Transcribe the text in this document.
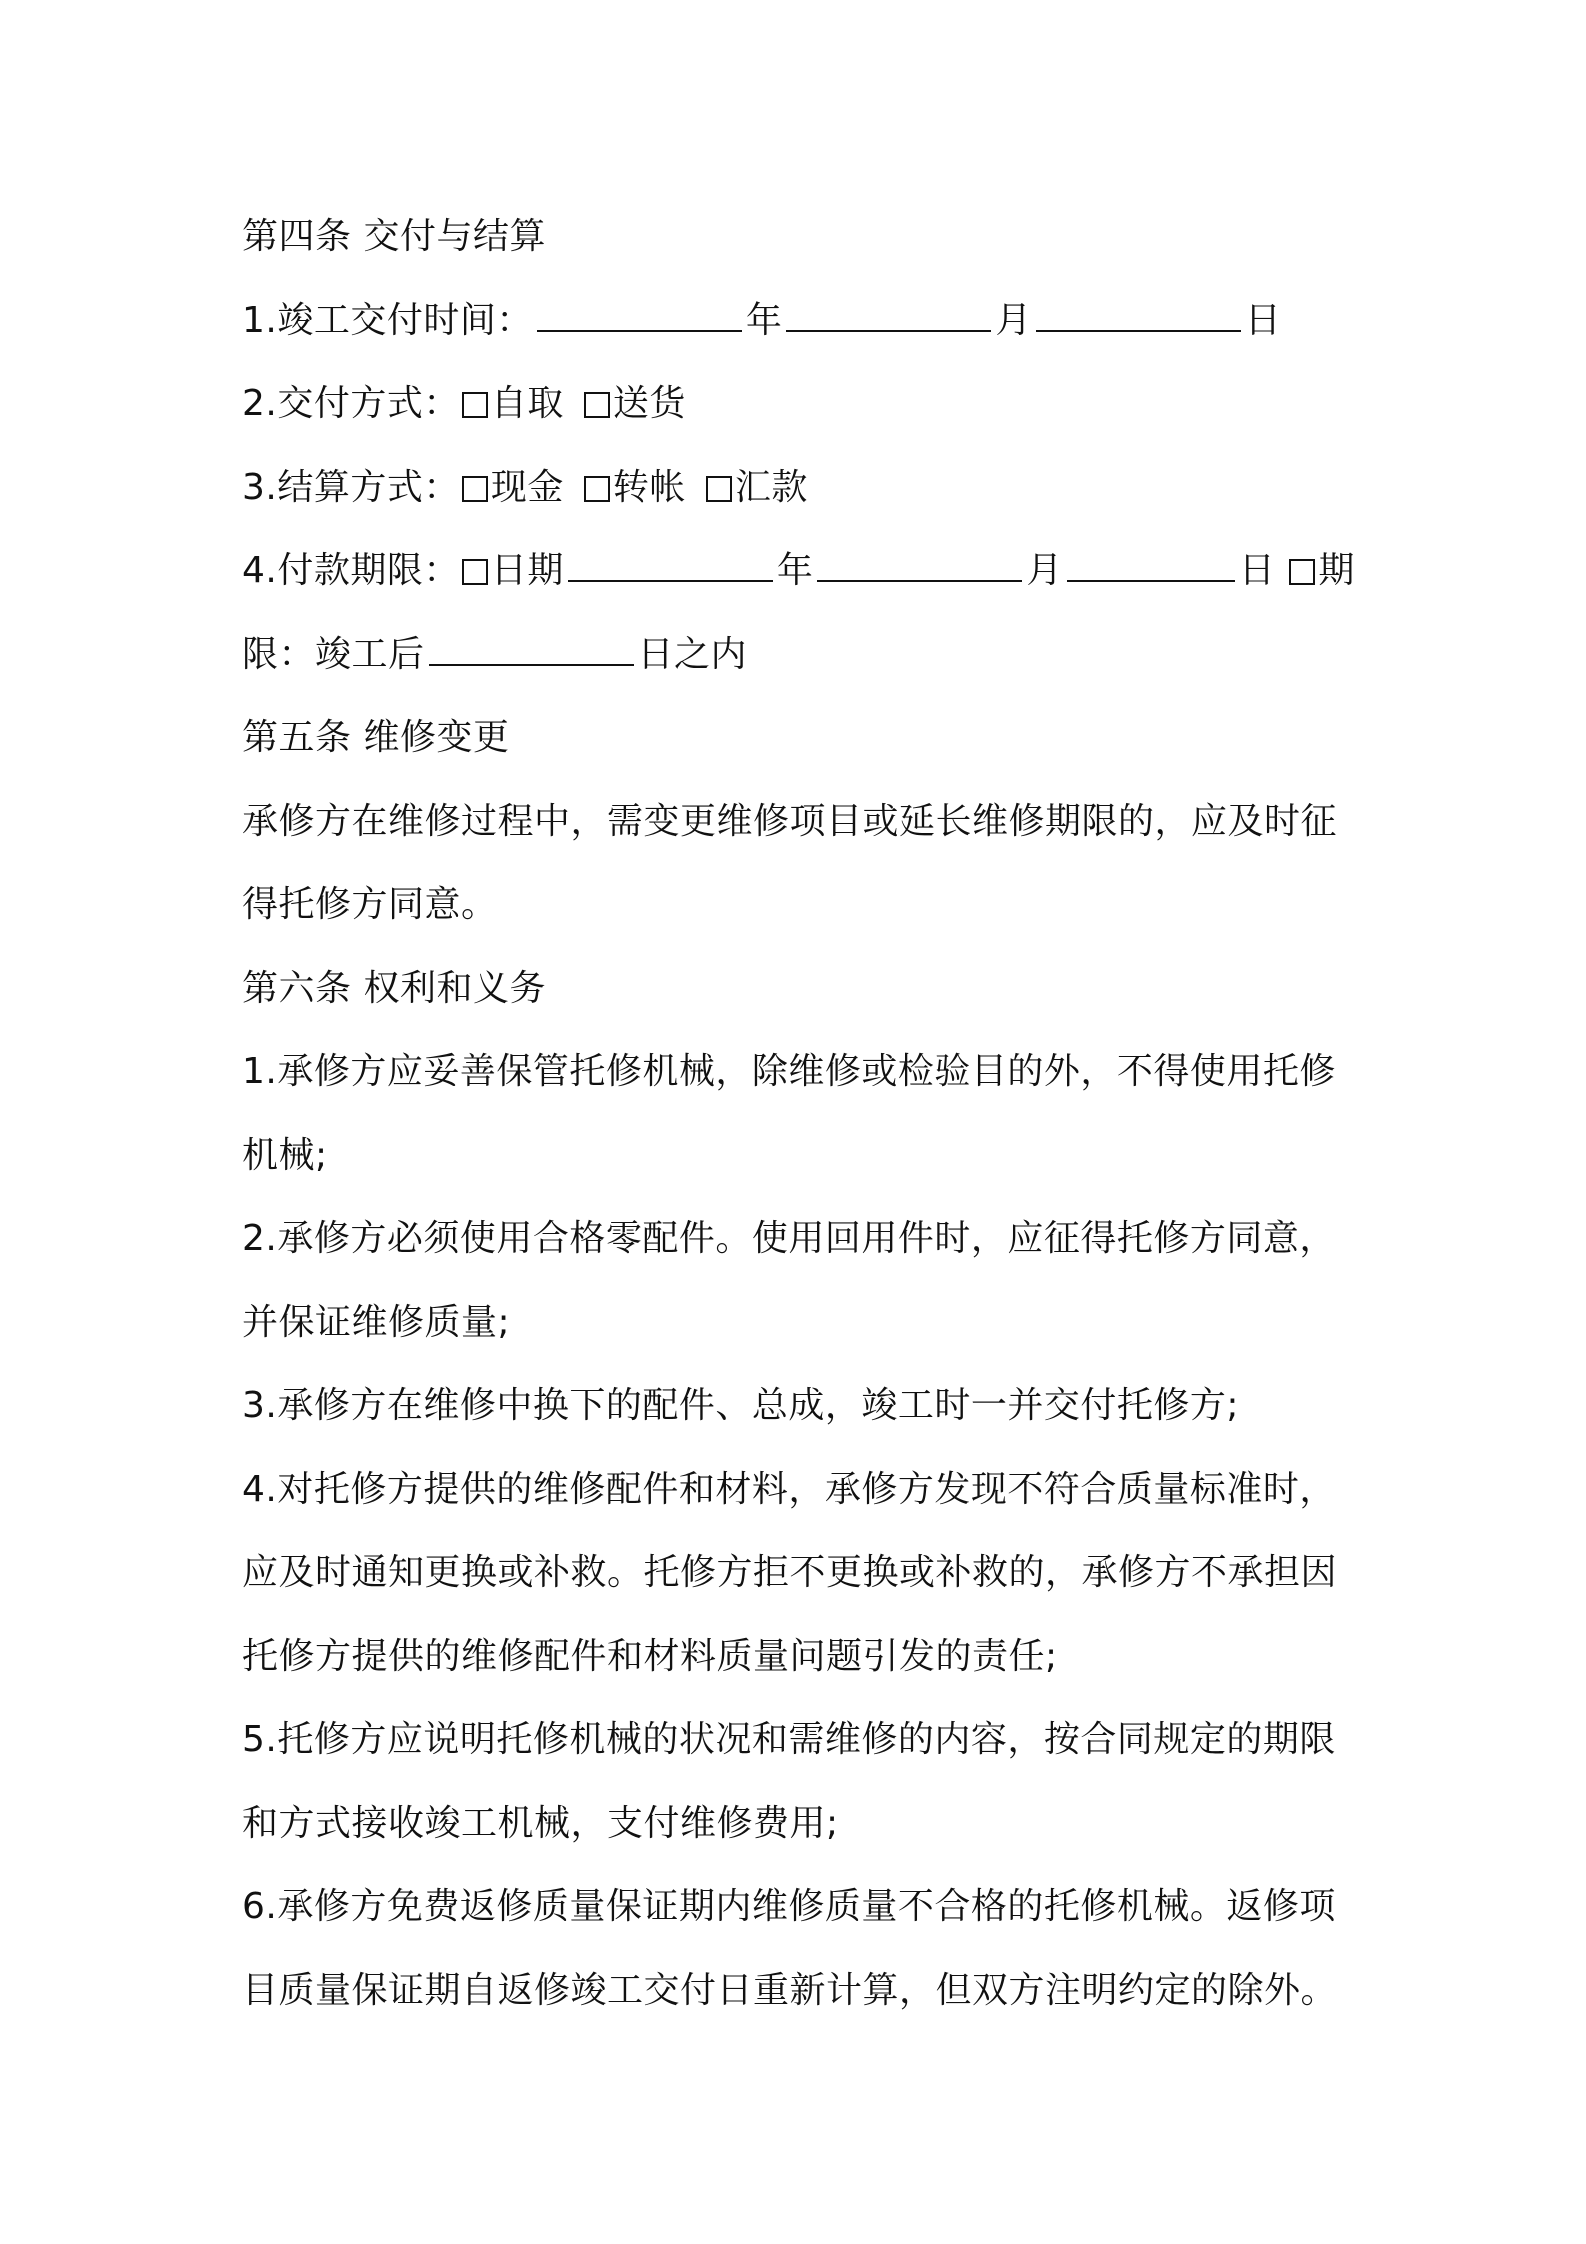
第四条 交付与结算
1.竣工交付时间：	年	月	日
2.交付方式： 自取 送货
3.结算方式： 现金 转帐 汇款
4.付款期限： 日期	年	月	日 期
限：竣工后	日之内
第五条 维修变更
承修方在维修过程中，需变更维修项目或延长维修期限的，应及时征
得托修方同意。
第六条 权利和义务
1.承修方应妥善保管托修机械，除维修或检验目的外，不得使用托修
机械;
2.承修方必须使用合格零配件。使用回用件时，应征得托修方同意，
并保证维修质量;
3.承修方在维修中换下的配件、总成，竣工时一并交付托修方;
4.对托修方提供的维修配件和材料，承修方发现不符合质量标准时，
应及时通知更换或补救。托修方拒不更换或补救的，承修方不承担因
托修方提供的维修配件和材料质量问题引发的责任;
5.托修方应说明托修机械的状况和需维修的内容，按合同规定的期限
和方式接收竣工机械，支付维修费用;
6.承修方免费返修质量保证期内维修质量不合格的托修机械。返修项
目质量保证期自返修竣工交付日重新计算，但双方注明约定的除外。
